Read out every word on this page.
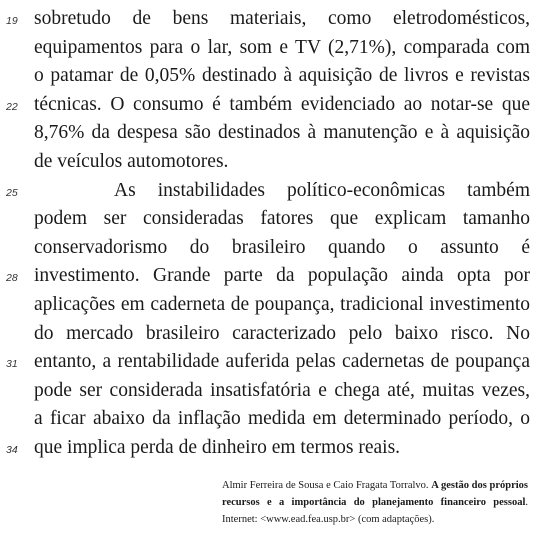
19 sobretudo de bens materiais, como eletrodomésticos,
equipamentos para o lar, som e TV (2,71%), comparada com
o patamar de 0,05% destinado à aquisição de livros e revistas
22 técnicas. O consumo é também evidenciado ao notar-se que
8,76% da despesa são destinados à manutenção e à aquisição
de veículos automotores.
25	As instabilidades político-econômicas também
podem ser consideradas fatores que explicam tamanho
conservadorismo do brasileiro quando o assunto é
28 investimento. Grande parte da população ainda opta por
aplicações em caderneta de poupança, tradicional investimento
do mercado brasileiro caracterizado pelo baixo risco. No
31 entanto, a rentabilidade auferida pelas cadernetas de poupança
pode ser considerada insatisfatória e chega até, muitas vezes,
a ficar abaixo da inflação medida em determinado período, o
34 que implica perda de dinheiro em termos reais.
Almir Ferreira de Sousa e Caio Fragata Torralvo. A gestão dos próprios recursos e a importância do planejamento financeiro pessoal. Internet: <www.ead.fea.usp.br> (com adaptações).
